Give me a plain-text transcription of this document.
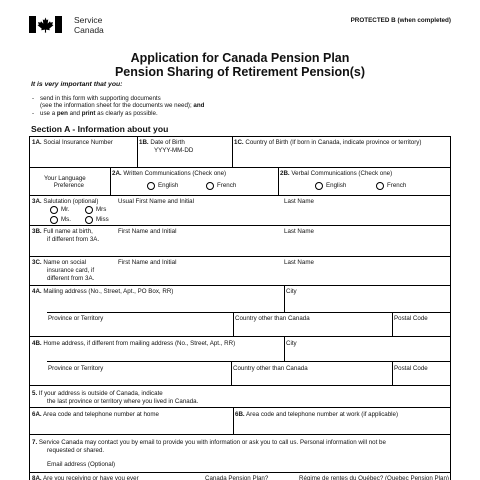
Service
Canada
PROTECTED B (when completed)
Application for Canada Pension Plan
Pension Sharing of Retirement Pension(s)
It is very important that you:
- send in this form with supporting documents
(see the information sheet for the documents we need); and
- use a pen and print as clearly as possible.
Section A - Information about you
1A. Social Insurance Number	1B. Date of Birth
YYYY-MM-DD
1C. Country of Birth (If born in Canada, indicate province or territory)
Your Language
Preference
2A. Written Communications (Check one)
English	French
2B. Verbal Communications (Check one)
English	French
3A. Salutation (optional)
Mr.	Mrs
Ms.	Miss
Usual First Name and Initial	Last Name
3B. Full name at birth,
if different from 3A.
First Name and Initial	Last Name
3C. Name on social
insurance card, if
different from 3A.
First Name and Initial	Last Name
4A. Mailing address (No., Street, Apt., PO Box, RR)	City
Province or Territory	Country other than Canada	Postal Code
4B. Home address, if different from mailing address (No., Street, Apt., RR)	City
Province or Territory	Country other than Canada	Postal Code
5. If your address is outside of Canada, indicate
the last province or territory where you lived in Canada.
6A. Area code and telephone number at home	6B. Area code and telephone number at work (if applicable)
7. Service Canada may contact you by email to provide you with information or ask you to call us. Personal information will not be
requested or shared.
Email address (Optional)
8A. Are you receiving or have you ever	Canada Pension Plan?	Régime de rentes du Québec? (Quebec Pension Plan)
